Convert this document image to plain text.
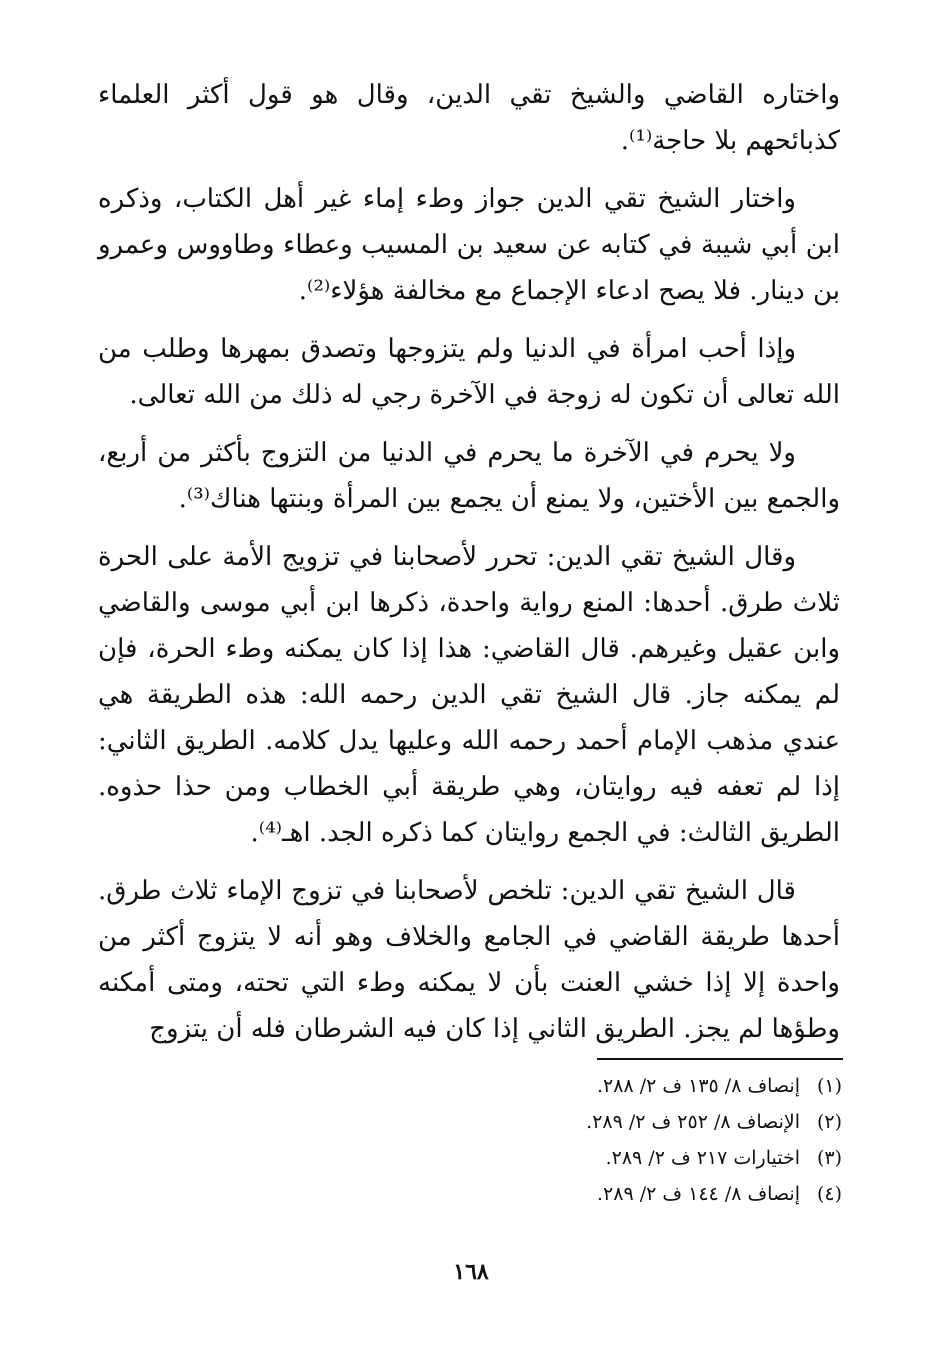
واختاره القاضي والشيخ تقي الدين، وقال هو قول أكثر العلماء كذبائحهم بلا حاجة⁽¹⁾.

واختار الشيخ تقي الدين جواز وطء إماء غير أهل الكتاب، وذكره ابن أبي شيبة في كتابه عن سعيد بن المسيب وعطاء وطاووس وعمرو بن دينار. فلا يصح ادعاء الإجماع مع مخالفة هؤلاء⁽²⁾.

وإذا أحب امرأة في الدنيا ولم يتزوجها وتصدق بمهرها وطلب من الله تعالى أن تكون له زوجة في الآخرة رجي له ذلك من الله تعالى.

ولا يحرم في الآخرة ما يحرم في الدنيا من التزوج بأكثر من أربع، والجمع بين الأختين، ولا يمنع أن يجمع بين المرأة وبنتها هناك⁽³⁾.

وقال الشيخ تقي الدين: تحرر لأصحابنا في تزويج الأمة على الحرة ثلاث طرق. أحدها: المنع رواية واحدة، ذكرها ابن أبي موسى والقاضي وابن عقيل وغيرهم. قال القاضي: هذا إذا كان يمكنه وطء الحرة، فإن لم يمكنه جاز. قال الشيخ تقي الدين رحمه الله: هذه الطريقة هي عندي مذهب الإمام أحمد رحمه الله وعليها يدل كلامه. الطريق الثاني: إذا لم تعفه فيه روايتان، وهي طريقة أبي الخطاب ومن حذا حذوه. الطريق الثالث: في الجمع روايتان كما ذكره الجد. اهـ⁽⁴⁾.

قال الشيخ تقي الدين: تلخص لأصحابنا في تزوج الإماء ثلاث طرق. أحدها طريقة القاضي في الجامع والخلاف وهو أنه لا يتزوج أكثر من واحدة إلا إذا خشي العنت بأن لا يمكنه وطء التي تحته، ومتى أمكنه وطؤها لم يجز. الطريق الثاني إذا كان فيه الشرطان فله أن يتزوج

(١)إنصاف ٨/ ١٣٥ ف ٢/ ٢٨٨.
(٢)الإنصاف ٨/ ٢٥٢ ف ٢/ ٢٨٩.
(٣)اختيارات ٢١٧ ف ٢/ ٢٨٩.
(٤)إنصاف ٨/ ١٤٤ ف ٢/ ٢٨٩.
١٦٨
